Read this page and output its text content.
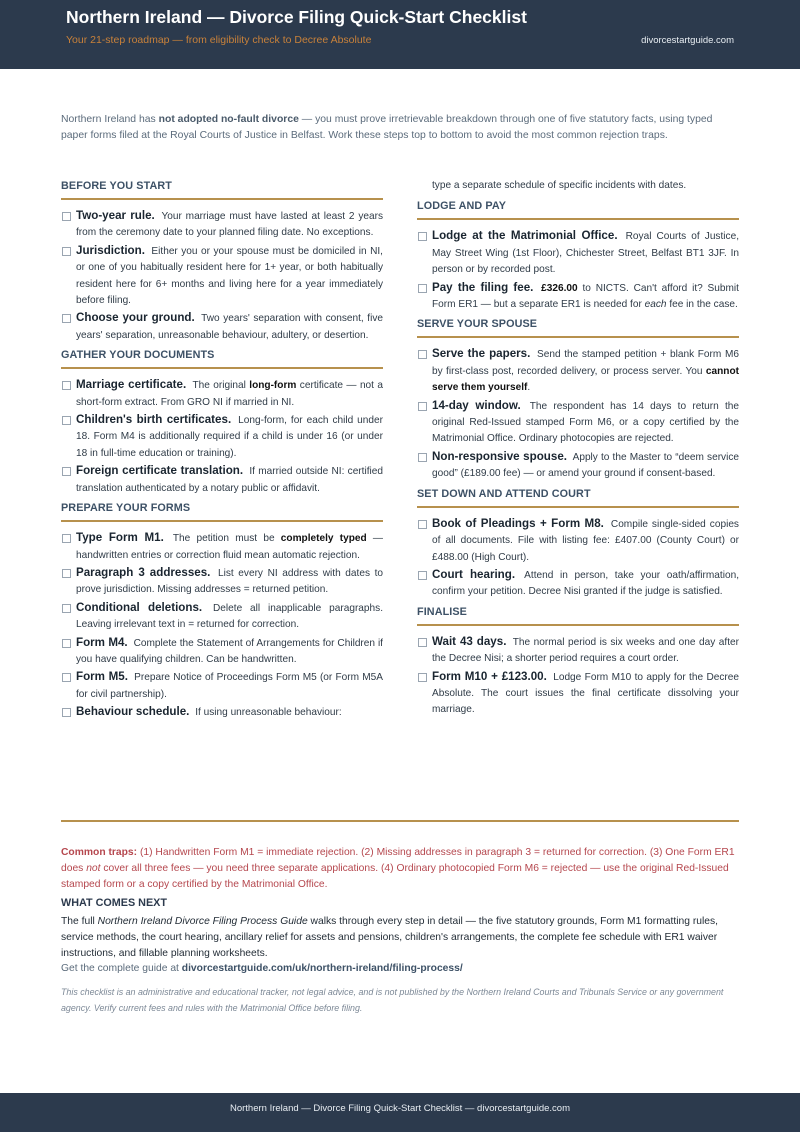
Northern Ireland — Divorce Filing Quick-Start Checklist
Your 21-step roadmap — from eligibility check to Decree Absolute	divorcestartguide.com
Northern Ireland has not adopted no-fault divorce — you must prove irretrievable breakdown through one of five statutory facts, using typed paper forms filed at the Royal Courts of Justice in Belfast. Work these steps top to bottom to avoid the most common rejection traps.
BEFORE YOU START
Two-year rule. Your marriage must have lasted at least 2 years from the ceremony date to your planned filing date. No exceptions.
Jurisdiction. Either you or your spouse must be domiciled in NI, or one of you habitually resident here for 1+ year, or both habitually resident here for 6+ months and living here for a year immediately before filing.
Choose your ground. Two years' separation with consent, five years' separation, unreasonable behaviour, adultery, or desertion.
GATHER YOUR DOCUMENTS
Marriage certificate. The original long-form certificate — not a short-form extract. From GRO NI if married in NI.
Children's birth certificates. Long-form, for each child under 18. Form M4 is additionally required if a child is under 16 (or under 18 in full-time education or training).
Foreign certificate translation. If married outside NI: certified translation authenticated by a notary public or affidavit.
PREPARE YOUR FORMS
Type Form M1. The petition must be completely typed — handwritten entries or correction fluid mean automatic rejection.
Paragraph 3 addresses. List every NI address with dates to prove jurisdiction. Missing addresses = returned petition.
Conditional deletions. Delete all inapplicable paragraphs. Leaving irrelevant text in = returned for correction.
Form M4. Complete the Statement of Arrangements for Children if you have qualifying children. Can be handwritten.
Form M5. Prepare Notice of Proceedings Form M5 (or Form M5A for civil partnership).
Behaviour schedule. If using unreasonable behaviour:
type a separate schedule of specific incidents with dates.
LODGE AND PAY
Lodge at the Matrimonial Office. Royal Courts of Justice, May Street Wing (1st Floor), Chichester Street, Belfast BT1 3JF. In person or by recorded post.
Pay the filing fee. £326.00 to NICTS. Can't afford it? Submit Form ER1 — but a separate ER1 is needed for each fee in the case.
SERVE YOUR SPOUSE
Serve the papers. Send the stamped petition + blank Form M6 by first-class post, recorded delivery, or process server. You cannot serve them yourself.
14-day window. The respondent has 14 days to return the original Red-Issued stamped Form M6, or a copy certified by the Matrimonial Office. Ordinary photocopies are rejected.
Non-responsive spouse. Apply to the Master to “deem service good” (£189.00 fee) — or amend your ground if consent-based.
SET DOWN AND ATTEND COURT
Book of Pleadings + Form M8. Compile single-sided copies of all documents. File with listing fee: £407.00 (County Court) or £488.00 (High Court).
Court hearing. Attend in person, take your oath/affirmation, confirm your petition. Decree Nisi granted if the judge is satisfied.
FINALISE
Wait 43 days. The normal period is six weeks and one day after the Decree Nisi; a shorter period requires a court order.
Form M10 + £123.00. Lodge Form M10 to apply for the Decree Absolute. The court issues the final certificate dissolving your marriage.
Common traps: (1) Handwritten Form M1 = immediate rejection. (2) Missing addresses in paragraph 3 = returned for correction. (3) One Form ER1 does not cover all three fees — you need three separate applications. (4) Ordinary photocopied Form M6 = rejected — use the original Red-Issued stamped form or a copy certified by the Matrimonial Office.
WHAT COMES NEXT
The full Northern Ireland Divorce Filing Process Guide walks through every step in detail — the five statutory grounds, Form M1 formatting rules, service methods, the court hearing, ancillary relief for assets and pensions, children's arrangements, the complete fee schedule with ER1 waiver instructions, and fillable planning worksheets.
Get the complete guide at divorcestartguide.com/uk/northern-ireland/filing-process/
This checklist is an administrative and educational tracker, not legal advice, and is not published by the Northern Ireland Courts and Tribunals Service or any government agency. Verify current fees and rules with the Matrimonial Office before filing.
Northern Ireland — Divorce Filing Quick-Start Checklist — divorcestartguide.com
